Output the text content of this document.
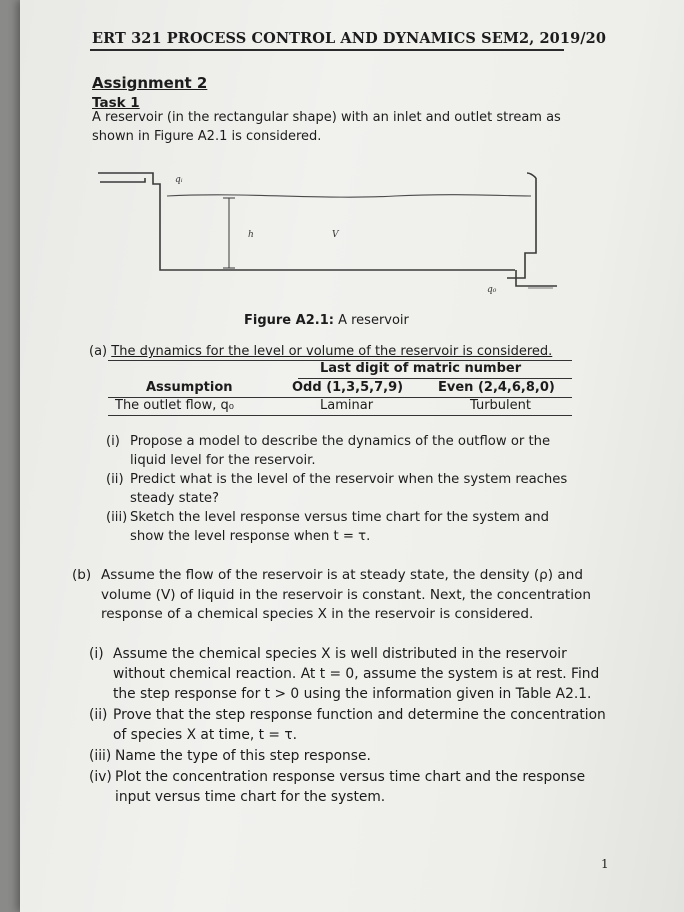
ERT 321 PROCESS CONTROL AND DYNAMICS SEM2, 2019/20
Assignment 2
Task 1
A reservoir (in the rectangular shape) with an inlet and outlet stream as shown in Figure A2.1 is considered.
qᵢ
h	V
q₀
Figure A2.1: A reservoir
(a) The dynamics for the level or volume of the reservoir is considered.
Last digit of matric number
Assumption	Odd (1,3,5,7,9)	Even (2,4,6,8,0)
The outlet flow, q₀	Laminar	Turbulent
(i) Propose a model to describe the dynamics of the outflow or the liquid level for the reservoir.
(ii) Predict what is the level of the reservoir when the system reaches steady state?
(iii) Sketch the level response versus time chart for the system and show the level response when t = τ.
(b) Assume the flow of the reservoir is at steady state, the density (ρ) and volume (V) of liquid in the reservoir is constant. Next, the concentration response of a chemical species X in the reservoir is considered.
(i) Assume the chemical species X is well distributed in the reservoir without chemical reaction. At t = 0, assume the system is at rest. Find the step response for t > 0 using the information given in Table A2.1.
(ii) Prove that the step response function and determine the concentration of species X at time, t = τ.
(iii) Name the type of this step response.
(iv) Plot the concentration response versus time chart and the response input versus time chart for the system.
1
